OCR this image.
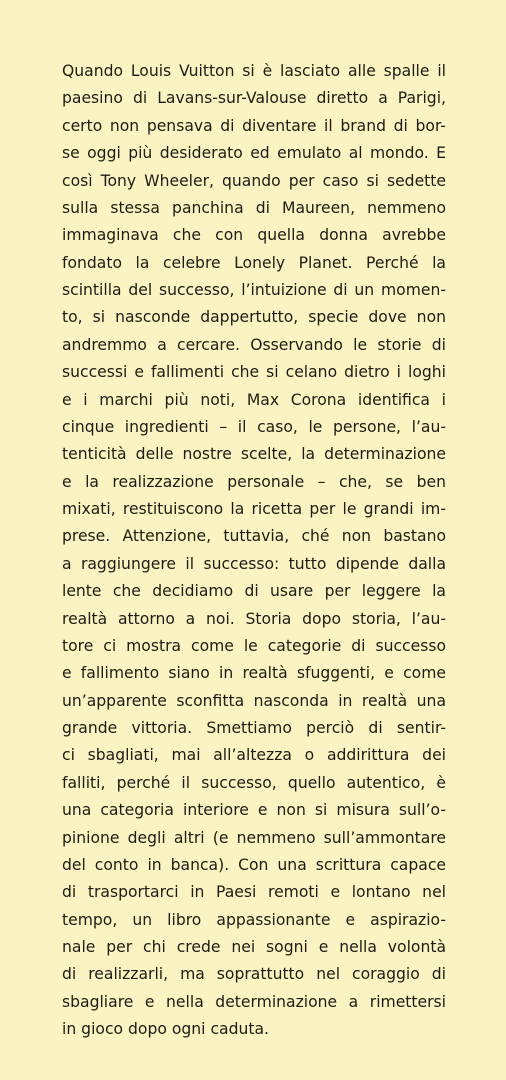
Quando Louis Vuitton si è lasciato alle spalle il
paesino di Lavans-sur-Valouse diretto a Parigi,
certo non pensava di diventare il brand di bor-
se oggi più desiderato ed emulato al mondo. E
così Tony Wheeler, quando per caso si sedette
sulla stessa panchina di Maureen, nemmeno
immaginava che con quella donna avrebbe
fondato la celebre Lonely Planet. Perché la
scintilla del successo, l’intuizione di un momen-
to, si nasconde dappertutto, specie dove non
andremmo a cercare. Osservando le storie di
successi e fallimenti che si celano dietro i loghi
e i marchi più noti, Max Corona identifica i
cinque ingredienti – il caso, le persone, l’au-
tenticità delle nostre scelte, la determinazione
e la realizzazione personale – che, se ben
mixati, restituiscono la ricetta per le grandi im-
prese. Attenzione, tuttavia, ché non bastano
a raggiungere il successo: tutto dipende dalla
lente che decidiamo di usare per leggere la
realtà attorno a noi. Storia dopo storia, l’au-
tore ci mostra come le categorie di successo
e fallimento siano in realtà sfuggenti, e come
un’apparente sconfitta nasconda in realtà una
grande vittoria. Smettiamo perciò di sentir-
ci sbagliati, mai all’altezza o addirittura dei
falliti, perché il successo, quello autentico, è
una categoria interiore e non si misura sull’o-
pinione degli altri (e nemmeno sull’ammontare
del conto in banca). Con una scrittura capace
di trasportarci in Paesi remoti e lontano nel
tempo, un libro appassionante e aspirazio-
nale per chi crede nei sogni e nella volontà
di realizzarli, ma soprattutto nel coraggio di
sbagliare e nella determinazione a rimettersi
in gioco dopo ogni caduta.
